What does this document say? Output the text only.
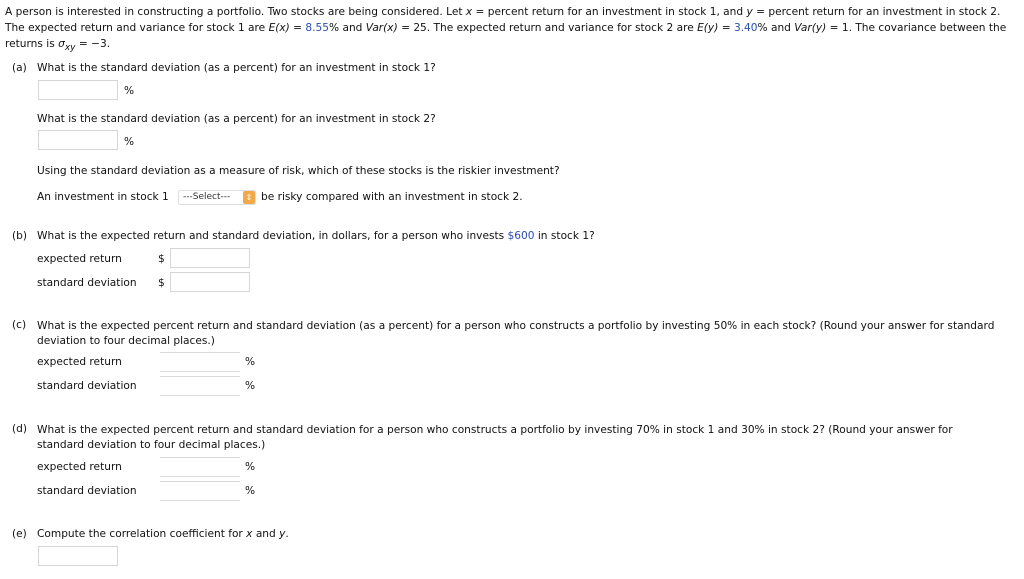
A person is interested in constructing a portfolio. Two stocks are being considered. Let x = percent return for an investment in stock 1, and y = percent return for an investment in stock 2. The expected return and variance for stock 1 are E(x) = 8.55% and Var(x) = 25. The expected return and variance for stock 2 are E(y) = 3.40% and Var(y) = 1. The covariance between the returns is $\sigma_{xy} = -3$.
(a) What is the standard deviation (as a percent) for an investment in stock 1?
%
What is the standard deviation (as a percent) for an investment in stock 2?
%
Using the standard deviation as a measure of risk, which of these stocks is the riskier investment?
An investment in stock 1	---Select---	⇕ be risky compared with an investment in stock 2.
(b) What is the expected return and standard deviation, in dollars, for a person who invests $600 in stock 1?
expected return	$
standard deviation $
(c) What is the expected percent return and standard deviation (as a percent) for a person who constructs a portfolio by investing 50% in each stock? (Round your answer for standard deviation to four decimal places.)
expected return	%
standard deviation	%
(d) What is the expected percent return and standard deviation for a person who constructs a portfolio by investing 70% in stock 1 and 30% in stock 2? (Round your answer for standard deviation to four decimal places.)
expected return	%
standard deviation	%
(e) Compute the correlation coefficient for x and y.
